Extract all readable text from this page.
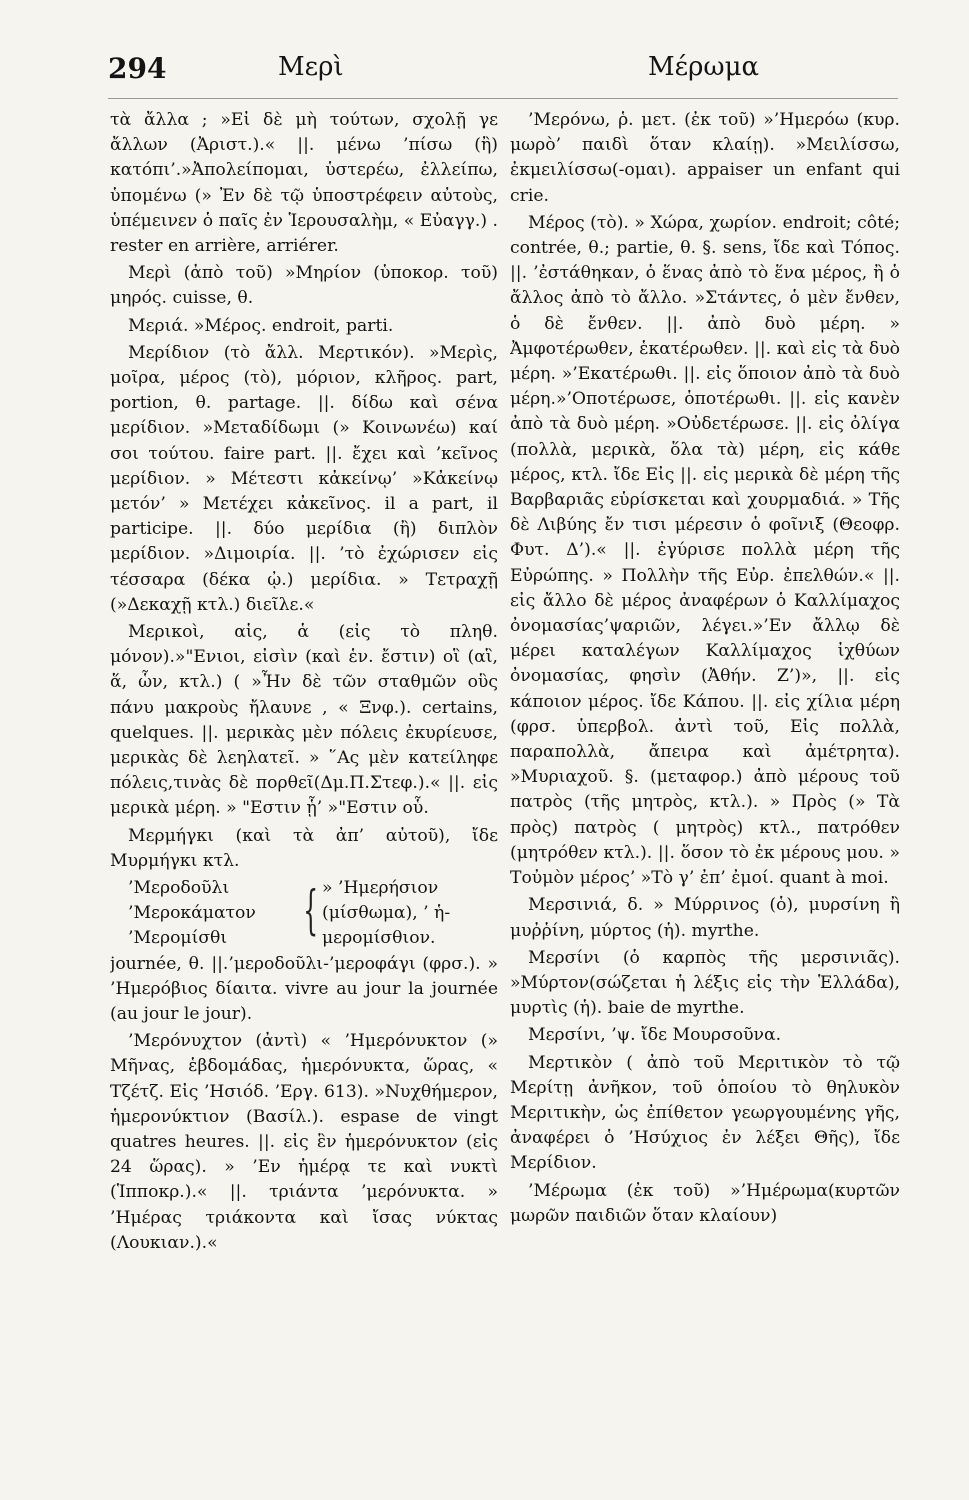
294	Μερὶ	Μέρωμα

τὰ ἄλλα ; »Εἰ δὲ μὴ τούτων, σχολῇ γε ἄλλων (Ἀριστ.).« ||. μένω ’πίσω (ἢ) κατόπι’.»Ἀπολείπομαι, ὑστερέω, ἐλλείπω, ὑπομένω (» Ἐν δὲ τῷ ὑποστρέφειν αὐτοὺς, ὑπέμεινεν ὁ παῖς ἐν Ἱερουσαλὴμ, « Εὐαγγ.) . rester en arrière, arriérer.

Μερὶ (ἀπὸ τοῦ) »Μηρίον (ὑποκορ. τοῦ) μηρός. cuisse, θ.

Μεριά. »Μέρος. endroit, parti.

Μερίδιον (τὸ ἄλλ. Μερτικόν). »Μερὶς, μοῖρα, μέρος (τὸ), μόριον, κλῆρος. part, portion, θ. partage. ||. δίδω καὶ σένα μερίδιον. »Μεταδίδωμι (» Κοινωνέω) καί σοι τούτου. faire part. ||. ἔχει καὶ ’κεῖνος μερίδιον. » Μέτεστι κἀκείνῳ’ »Κἀκείνῳ μετόν’ » Μετέχει κἀκεῖνος. il a part, il participe. ||. δύο μερίδια (ἢ) διπλὸν μερίδιον. »Διμοιρία. ||. ’τὸ ἐχώρισεν εἰς τέσσαρα (δέκα ᾠ.) μερίδια. » Τετραχῇ (»Δεκαχῇ κτλ.) διεῖλε.«

Μερικοὶ, αἱς, ἁ (εἰς τὸ πληθ. μόνον).»"Ενιοι, εἰσὶν (καὶ ἑν. ἔστιν) οἳ (αἳ, ἅ, ὧν, κτλ.) ( »Ἦν δὲ τῶν σταθμῶν οὓς πάνυ μακροὺς ἤλαυνε , « Ξνφ.). certains, quelques. ||. μερικὰς μὲν πόλεις ἐκυρίευσε, μερικὰς δὲ λεηλατεῖ. » ῞Ας μὲν κατείληφε πόλεις,τινὰς δὲ πορθεῖ(Δμ.Π.Στεφ.).« ||. εἰς μερικὰ μέρη. » "Εστιν ᾗ’ »"Εστιν οὗ.

Μερμήγκι (καὶ τὰ ἀπ’ αὐτοῦ), ἴδε Μυρμήγκι κτλ.

’Μεροδοῦλι
’Μεροκάματον
’Μερομίσθι	{ » ’Ημερήσιον
(μίσθωμα), ’ ἡ-
μερομίσθιον.

journée, θ. ||.’μεροδοῦλι-’μεροφάγι (φρσ.). » ’Ημερόβιος δίαιτα. vivre au jour la journée (au jour le jour).

’Μερόνυχτον (ἀντὶ) « ’Ημερόνυκτον (» Μῆνας, ἑβδομάδας, ἡμερόνυκτα, ὥρας, « Τζέτζ. Εἰς ’Ησιόδ. ’Εργ. 613). »Νυχθήμερον, ἡμερονύκτιον (Βασίλ.). espase de vingt quatres heures. ||. εἰς ἓν ἡμερόνυκτον (εἰς 24 ὥρας). » ’Εν ἡμέρᾳ τε καὶ νυκτὶ (Ἱπποκρ.).« ||. τριάντα ’μερόνυκτα. » ’Ημέρας τριάκοντα καὶ ἴσας νύκτας (Λουκιαν.).«

’Μερόνω, ῥ. μετ. (ἐκ τοῦ) »’Ημερόω (κυρ. μωρὸ’ παιδὶ ὅταν κλαίῃ). »Μειλίσσω, ἐκμειλίσσω(-ομαι). appaiser un enfant qui crie.

Μέρος (τὸ). » Χώρα, χωρίον. endroit; côté; contrée, θ.; partie, θ. §. sens, ἴδε καὶ Τόπος. ||. ’ἐστάθηκαν, ὁ ἕνας ἀπὸ τὸ ἕνα μέρος, ἢ ὁ ἄλλος ἀπὸ τὸ ἄλλο. »Στάντες, ὁ μὲν ἔνθεν, ὁ δὲ ἔνθεν. ||. ἀπὸ δυὸ μέρη. » Ἀμφοτέρωθεν, ἑκατέρωθεν. ||. καὶ εἰς τὰ δυὸ μέρη. »’Εκατέρωθι. ||. εἰς ὅποιον ἀπὸ τὰ δυὸ μέρη.»’Οποτέρωσε, ὁποτέρωθι. ||. εἰς κανὲν ἀπὸ τὰ δυὸ μέρη. »Οὐδετέρωσε. ||. εἰς ὀλίγα (πολλὰ, μερικὰ, ὅλα τὰ) μέρη, εἰς κάθε μέρος, κτλ. ἴδε Εἰς ||. εἰς μερικὰ δὲ μέρη τῆς Βαρβαριᾶς εὑρίσκεται καὶ χουρμαδιά. » Τῆς δὲ Λιβύης ἔν τισι μέρεσιν ὁ φοῖνιξ (Θεοφρ. Φυτ. Δ’).« ||. ἐγύρισε πολλὰ μέρη τῆς Εὐρώπης. » Πολλὴν τῆς Εὐρ. ἐπελθών.« ||. εἰς ἄλλο δὲ μέρος ἀναφέρων ὁ Καλλίμαχος ὀνομασίας’ψαριῶν, λέγει.»’Εν ἄλλῳ δὲ μέρει καταλέγων Καλλίμαχος ἰχθύων ὀνομασίας, φησὶν (Ἀθήν. Ζ’)», ||. εἰς κάποιον μέρος. ἴδε Κάπου. ||. εἰς χίλια μέρη (φρσ. ὑπερβολ. ἀντὶ τοῦ, Εἰς πολλὰ, παραπολλὰ, ἄπειρα καὶ ἀμέτρητα). »Μυριαχοῦ. §. (μεταφορ.) ἀπὸ μέρους τοῦ πατρὸς (τῆς μητρὸς, κτλ.). » Πρὸς (» Τὰ πρὸς) πατρὸς ( μητρὸς) κτλ., πατρόθεν (μητρόθεν κτλ.). ||. ὅσον τὸ ἐκ μέρους μου. » Τοὐμὸν μέρος’ »Τὸ γ’ ἐπ’ ἐμοί. quant à moi.

Μερσινιά, δ. » Μύρρινος (ὁ), μυρσίνη ἢ μυῤῥίνη, μύρτος (ἡ). myrthe.

Μερσίνι (ὁ καρπὸς τῆς μερσινιᾶς). »Μύρτον(σώζεται ἡ λέξις εἰς τὴν Ἑλλάδα), μυρτὶς (ἡ). baie de myrthe.

Μερσίνι, ’ψ. ἴδε Μουρσοῦνα.

Μερτικὸν ( ἀπὸ τοῦ Μεριτικὸν τὸ τῷ Μερίτῃ ἀνῆκον, τοῦ ὁποίου τὸ θηλυκὸν Μεριτικὴν, ὡς ἐπίθετον γεωργουμένης γῆς, ἀναφέρει ὁ ’Ησύχιος ἐν λέξει Θῆς), ἴδε Μερίδιον.

’Μέρωμα (ἐκ τοῦ) »’Ημέρωμα(κυρτῶν μωρῶν παιδιῶν ὅταν κλαίουν)
